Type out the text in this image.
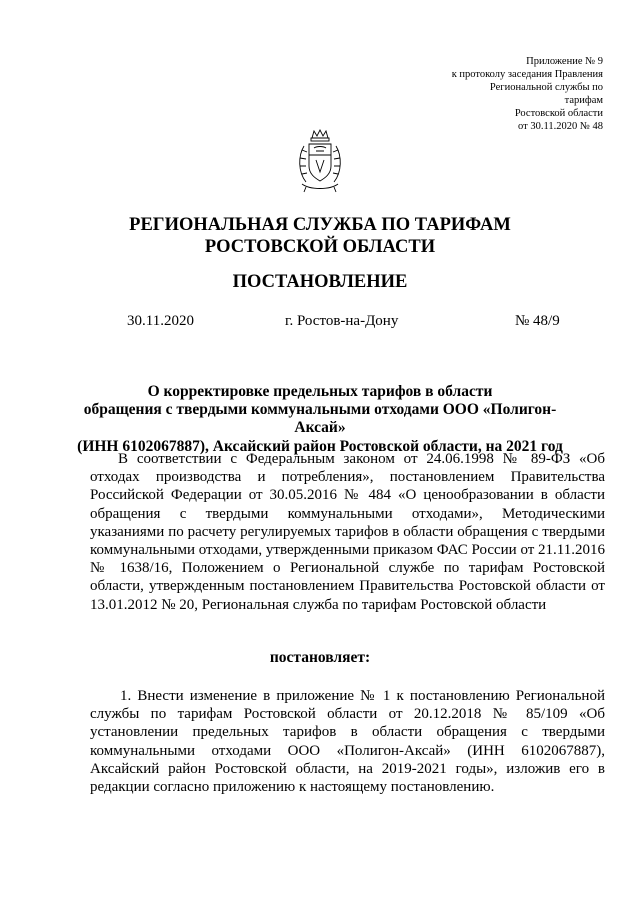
Приложение № 9
к протоколу заседания Правления
Региональной службы по
тарифам
Ростовской области
от 30.11.2020 № 48
РЕГИОНАЛЬНАЯ СЛУЖБА ПО ТАРИФАМ
РОСТОВСКОЙ ОБЛАСТИ
ПОСТАНОВЛЕНИЕ
30.11.2020	г. Ростов-на-Дону	№ 48/9
О корректировке предельных тарифов в области
обращения с твердыми коммунальными отходами ООО «Полигон-Аксай»
(ИНН 6102067887), Аксайский район Ростовской области, на 2021 год

В соответствии с Федеральным законом от 24.06.1998 № 89-ФЗ «Об отходах производства и потребления», постановлением Правительства Российской Федерации от 30.05.2016 № 484 «О ценообразовании в области обращения с твердыми коммунальными отходами», Методическими указаниями по расчету регулируемых тарифов в области обращения с твердыми коммунальными отходами, утвержденными приказом ФАС России от 21.11.2016 № 1638/16, Положением о Региональной службе по тарифам Ростовской области, утвержденным постановлением Правительства Ростовской области от 13.01.2012 № 20, Региональная служба по тарифам Ростовской области

постановляет:

1. Внести изменение в приложение № 1 к постановлению Региональной службы по тарифам Ростовской области от 20.12.2018 № 85/109 «Об установлении предельных тарифов в области обращения с твердыми коммунальными отходами ООО «Полигон-Аксай» (ИНН 6102067887), Аксайский район Ростовской области, на 2019-2021 годы», изложив его в редакции согласно приложению к настоящему постановлению.
